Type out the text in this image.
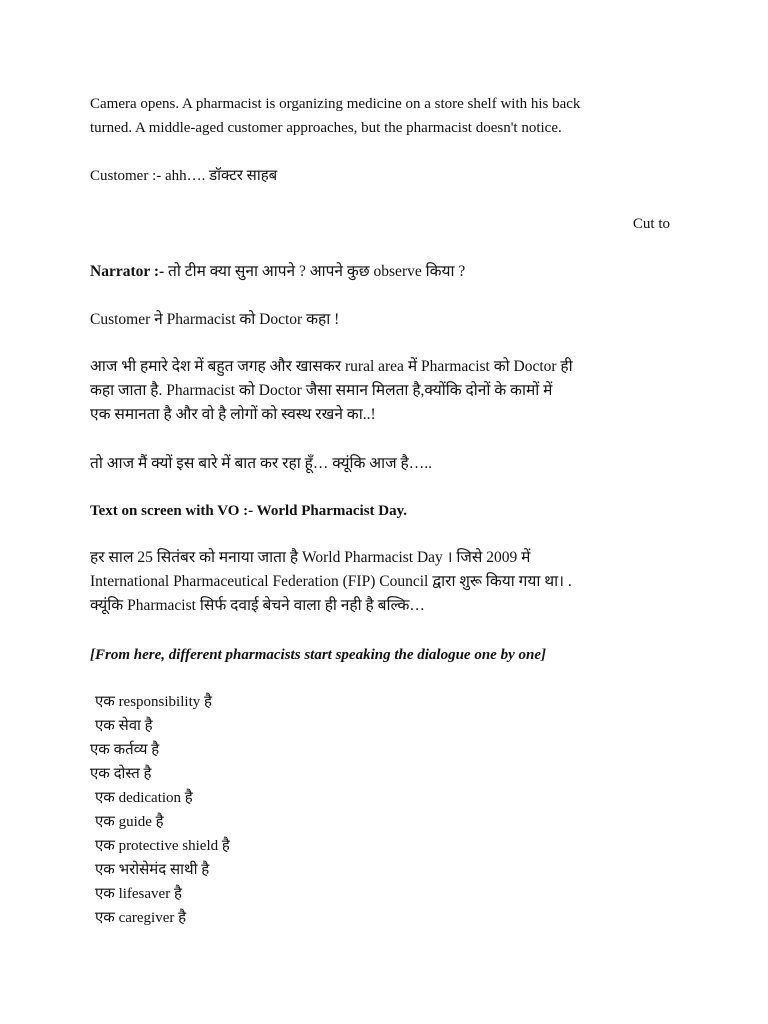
Camera opens. A pharmacist is organizing medicine on a store shelf with his back
turned. A middle-aged customer approaches, but the pharmacist doesn't notice.
Customer :- ahh…. डॉक्टर साहब
Cut to
Narrator :- तो टीम क्या सुना आपने ? आपने कुछ observe किया ?
Customer ने Pharmacist को Doctor कहा !
आज भी हमारे देश में बहुत जगह और खासकर rural area में Pharmacist को Doctor ही
कहा जाता है. Pharmacist को Doctor जैसा समान मिलता है,क्योंकि दोनों के कामों में
एक समानता है और वो है लोगों को स्वस्थ रखने का..!
तो आज मैं क्यों इस बारे में बात कर रहा हूँ… क्यूंकि आज है…..
Text on screen with VO :- World Pharmacist Day.
हर साल 25 सितंबर को मनाया जाता है World Pharmacist Day । जिसे 2009 में
International Pharmaceutical Federation (FIP) Council द्वारा शुरू किया गया था। .
क्यूंकि Pharmacist सिर्फ दवाई बेचने वाला ही नही है बल्कि…
[From here, different pharmacists start speaking the dialogue one by one]
एक responsibility है
एक सेवा है
एक कर्तव्य है
एक दोस्त है
एक dedication है
एक guide है
एक protective shield है
एक भरोसेमंद साथी है
एक lifesaver है
एक caregiver है
